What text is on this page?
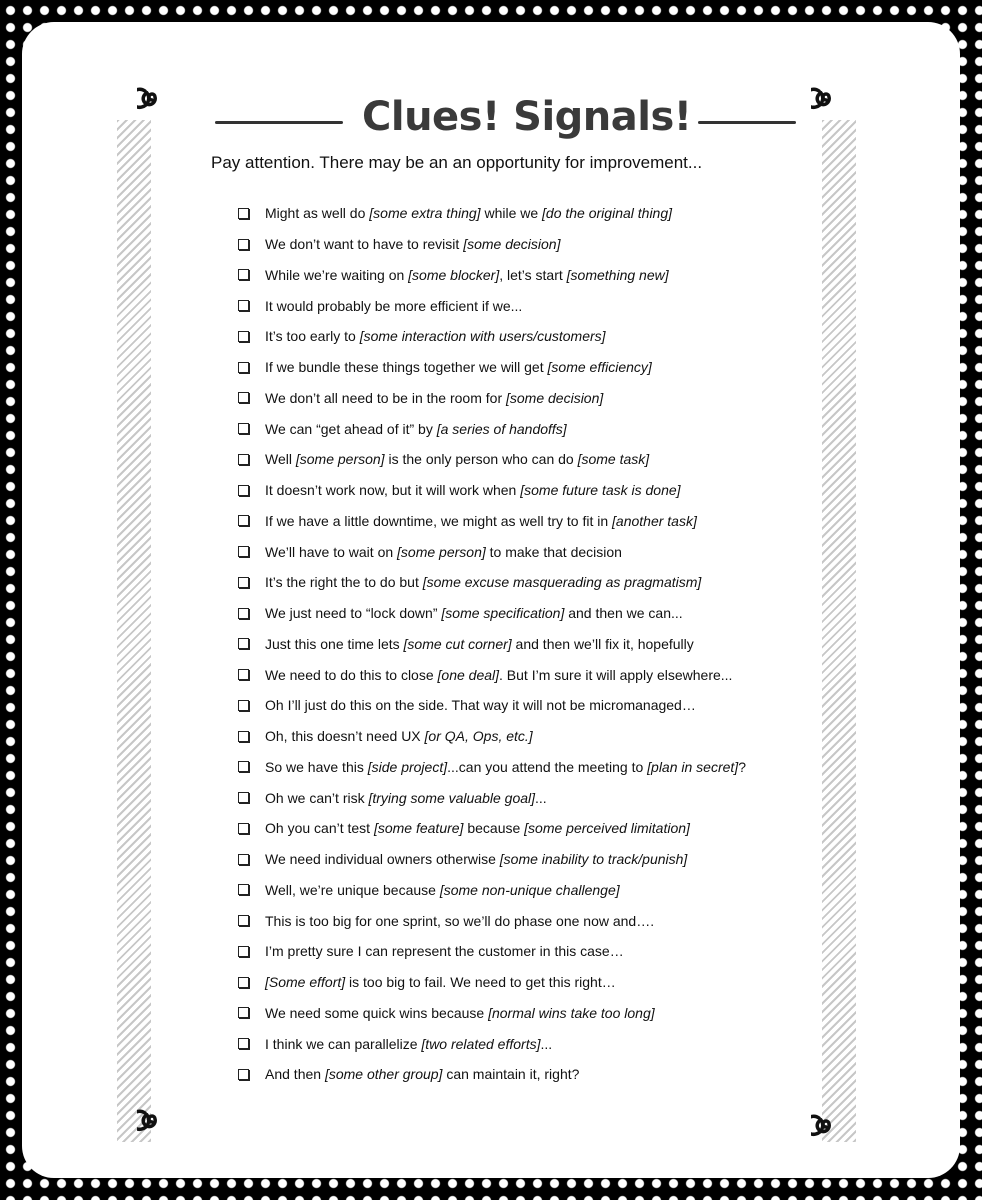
Clues! Signals!
Pay attention. There may be an an opportunity for improvement...
Might as well do [some extra thing] while we [do the original thing]
We don’t want to have to revisit [some decision]
While we’re waiting on [some blocker], let’s start [something new]
It would probably be more efficient if we...
It’s too early to [some interaction with users/customers]
If we bundle these things together we will get [some efficiency]
We don’t all need to be in the room for [some decision]
We can “get ahead of it” by [a series of handoffs]
Well [some person] is the only person who can do [some task]
It doesn’t work now, but it will work when [some future task is done]
If we have a little downtime, we might as well try to fit in [another task]
We’ll have to wait on [some person] to make that decision
It’s the right the to do but [some excuse masquerading as pragmatism]
We just need to “lock down” [some specification] and then we can...
Just this one time lets [some cut corner] and then we’ll fix it, hopefully
We need to do this to close [one deal]. But I’m sure it will apply elsewhere...
Oh I’ll just do this on the side. That way it will not be micromanaged…
Oh, this doesn’t need UX [or QA, Ops, etc.]
So we have this [side project]...can you attend the meeting to [plan in secret]?
Oh we can’t risk [trying some valuable goal]...
Oh you can’t test [some feature] because [some perceived limitation]
We need individual owners otherwise [some inability to track/punish]
Well, we’re unique because [some non-unique challenge]
This is too big for one sprint, so we’ll do phase one now and….
I’m pretty sure I can represent the customer in this case…
[Some effort] is too big to fail. We need to get this right…
We need some quick wins because [normal wins take too long]
I think we can parallelize [two related efforts]...
And then [some other group] can maintain it, right?
